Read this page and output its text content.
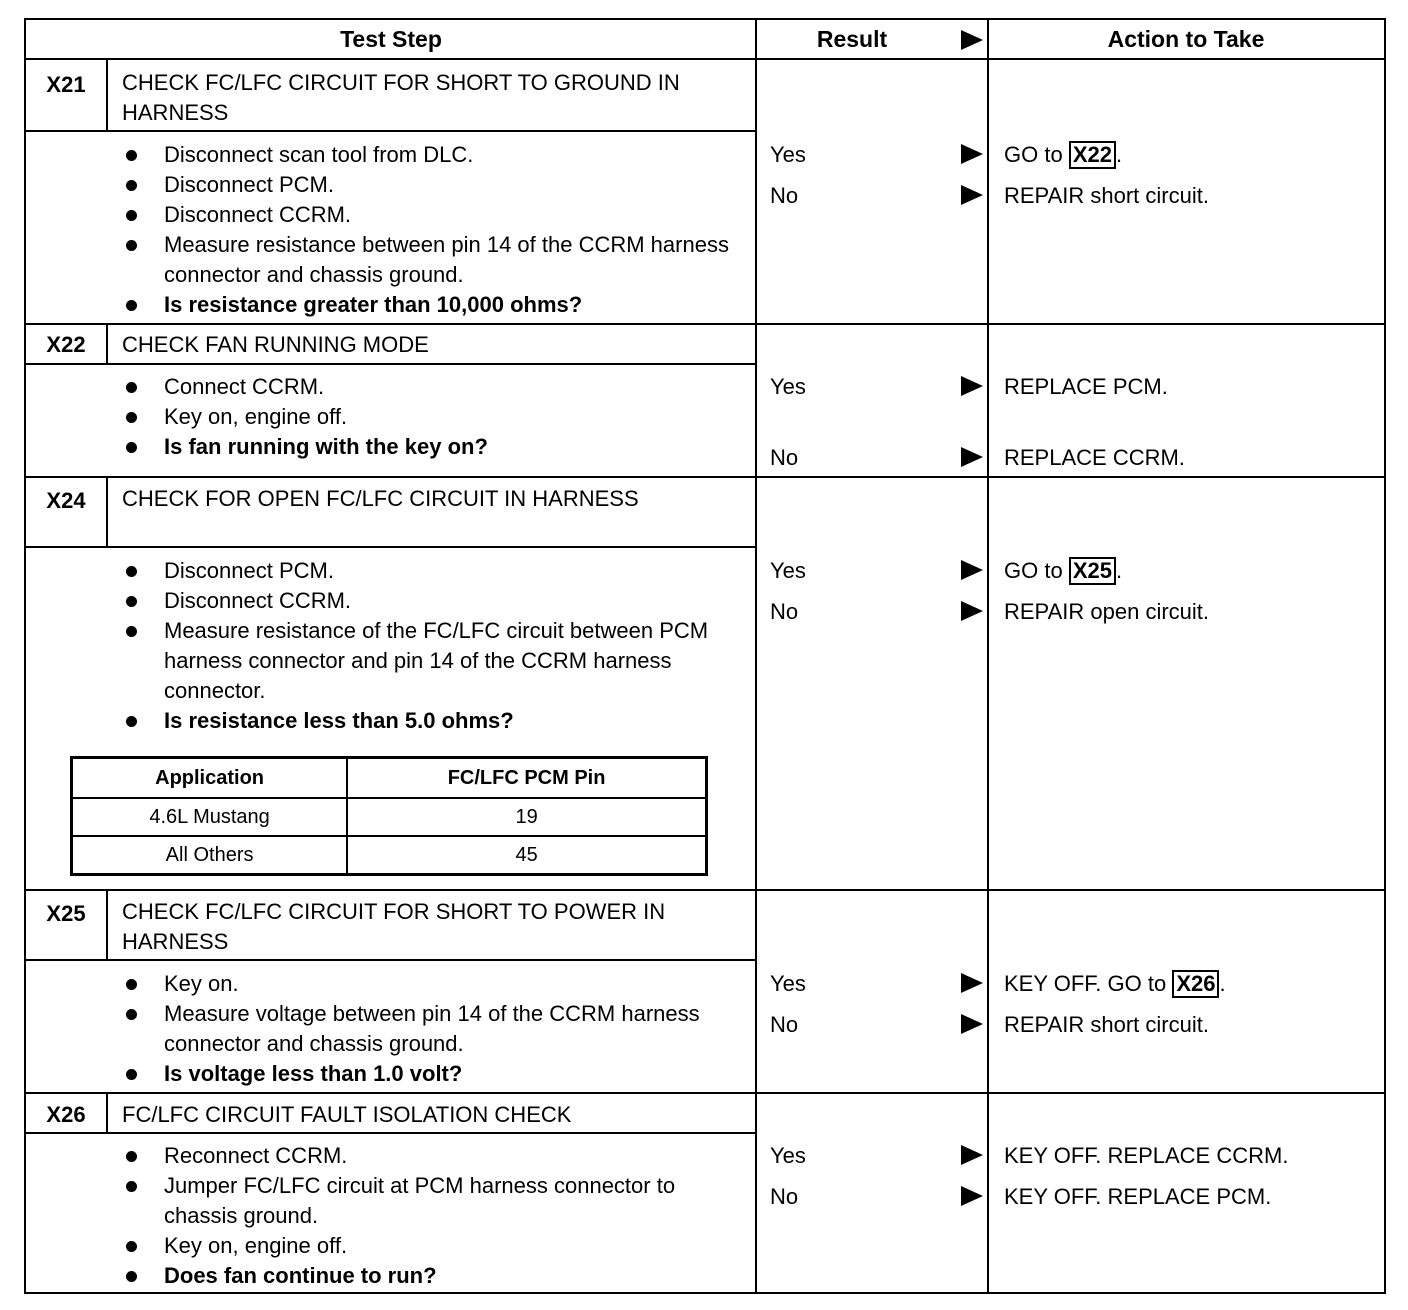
Test Step	Result	Action to Take
X21	CHECK FC/LFC CIRCUIT FOR SHORT TO GROUND IN HARNESS
Disconnect scan tool from DLC.
Disconnect PCM.
Disconnect CCRM.
Measure resistance between pin 14 of the CCRM harness connector and chassis ground.
Is resistance greater than 10,000 ohms?
Yes	GO to X22 .
No	REPAIR short circuit.
X22	CHECK FAN RUNNING MODE
Connect CCRM.
Key on, engine off.
Is fan running with the key on?
Yes	REPLACE PCM.
No	REPLACE CCRM.
X24	CHECK FOR OPEN FC/LFC CIRCUIT IN HARNESS
Disconnect PCM.
Disconnect CCRM.
Measure resistance of the FC/LFC circuit between PCM harness connector and pin 14 of the CCRM harness connector.
Is resistance less than 5.0 ohms?
Application	FC/LFC PCM Pin
4.6L Mustang	19
All Others	45
Yes	GO to X25 .
No	REPAIR open circuit.
X25	CHECK FC/LFC CIRCUIT FOR SHORT TO POWER IN HARNESS
Key on.
Measure voltage between pin 14 of the CCRM harness connector and chassis ground.
Is voltage less than 1.0 volt?
Yes	KEY OFF. GO to X26 .
No	REPAIR short circuit.
X26	FC/LFC CIRCUIT FAULT ISOLATION CHECK
Reconnect CCRM.
Jumper FC/LFC circuit at PCM harness connector to chassis ground.
Key on, engine off.
Does fan continue to run?
Yes	KEY OFF. REPLACE CCRM.
No	KEY OFF. REPLACE PCM.
